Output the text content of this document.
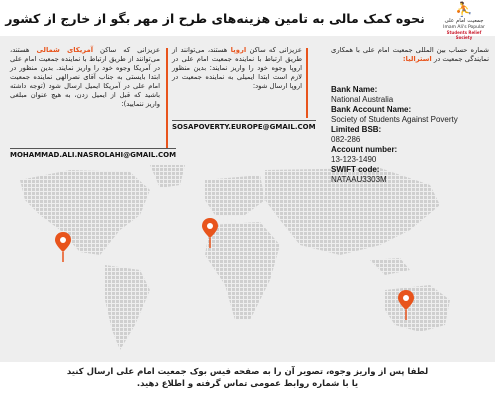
نحوه کمک مالی به تامین هزینه‌های طرح از مهر بگو از خارج از کشور	⛹
جمعیت امام علی
Imam Ali's Popular
Students Relief Society
عزیزانی که ساکن آمریکای شمالی هستند، می‌توانند از طریق ارتباط با نماینده جمعیت امام علی در آمریکا وجوه خود را واریز نمایند. بدین منظور در ابتدا بایستی به جناب آقای نصرالهی نماینده جمعیت امام علی در آمریکا ایمیل ارسال شود (توجه داشته باشید که قبل از ایمیل زدن، به هیچ عنوان مبلغی واریز ننمایید):
MOHAMMAD.ALI.NASROLAHI@GMAIL.COM
عزیزانی که ساکن اروپا هستند، می‌توانند از طریق ارتباط با نماینده جمعیت امام علی در اروپا وجوه خود را واریز نمایند: بدین منظور لازم است ابتدا ایمیلی به نماینده جمعیت در اروپا ارسال شود:
SOSAPOVERTY.EUROPE@GMAIL.COM
شماره حساب بین المللی جمعیت امام علی با همکاری نمایندگی جمعیت در استرالیا:
Bank Name:
National Australia
Bank Account Name:
Society of Students Against Poverty
Limited BSB:
082-286
Account number:
13-123-1490
SWIFT code:
NATAAU3303M
لطفا پس از واریز وجوه، تصویر آن را به صفحه فیس بوک جمعیت امام علی ارسال کنید
یا با شماره روابط عمومی تماس گرفته و اطلاع دهید.
